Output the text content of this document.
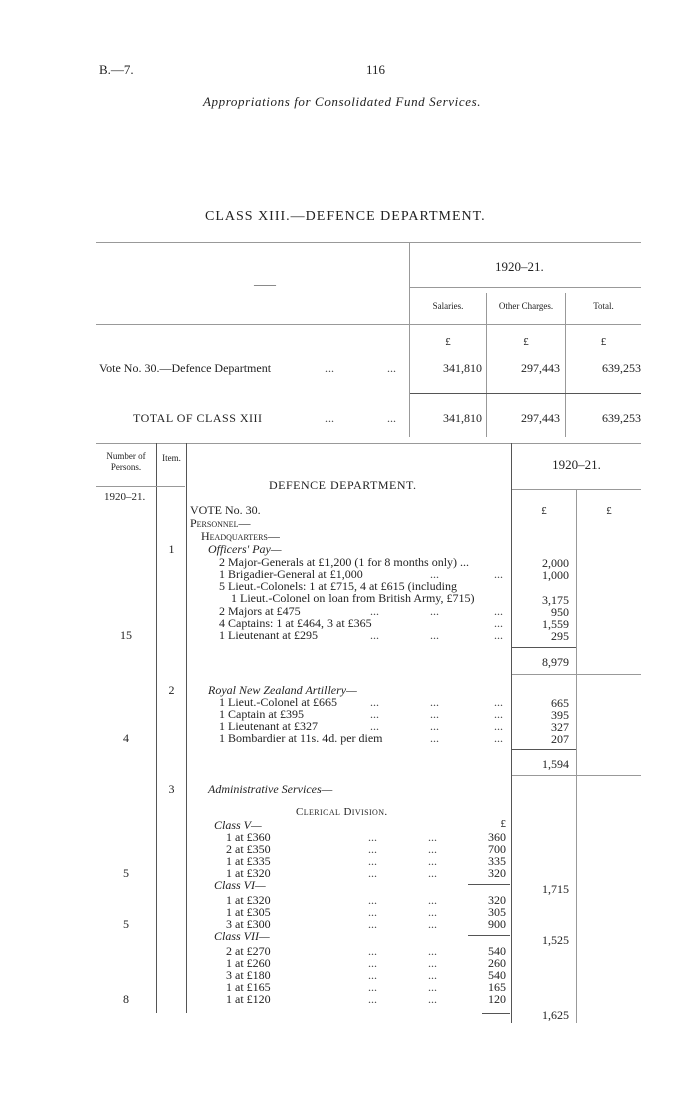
B.—7.	116
Appropriations for Consolidated Fund Services.
CLASS XIII.—DEFENCE DEPARTMENT.
——
1920–21.
Salaries.	Other Charges.	Total.
£	£	£
Vote No. 30.—Defence Department	...	...	341,810	297,443	639,253
TOTAL OF CLASS XIII	...	...	341,810	297,443	639,253
Number of Persons.
Item.	1920–21.
DEFENCE DEPARTMENT.
1920–21.
£	£
VOTE No. 30.
Personnel—
Headquarters—
1	Officers' Pay—
2 Major-Generals at £1,200 (1 for 8 months only) ...	2,000
1 Brigadier-General at £1,000	...	...	1,000
5 Lieut.-Colonels: 1 at £715, 4 at £615 (including
1 Lieut.-Colonel on loan from British Army, £715)	3,175
2 Majors at £475	...	...	...	950
4 Captains: 1 at £464, 3 at £365	...	1,559
15	1 Lieutenant at £295	...	...	...	295
8,979
2	Royal New Zealand Artillery—
1 Lieut.-Colonel at £665	...	...	...	665
1 Captain at £395	...	...	...	395
1 Lieutenant at £327	...	...	...	327
4	1 Bombardier at 11s. 4d. per diem	...	...	207
1,594
3	Administrative Services—
Clerical Division.
£
Class V—
1 at £360	...	...	360
2 at £350	...	...	700
1 at £335	...	...	335
5	1 at £320	...	...	320
Class VI—	1,715
1 at £320	...	...	320
1 at £305	...	...	305
5	3 at £300	...	...	900
Class VII—	1,525
2 at £270	...	...	540
1 at £260	...	...	260
3 at £180	...	...	540
1 at £165	...	...	165
8	1 at £120	...	...	120
1,625
